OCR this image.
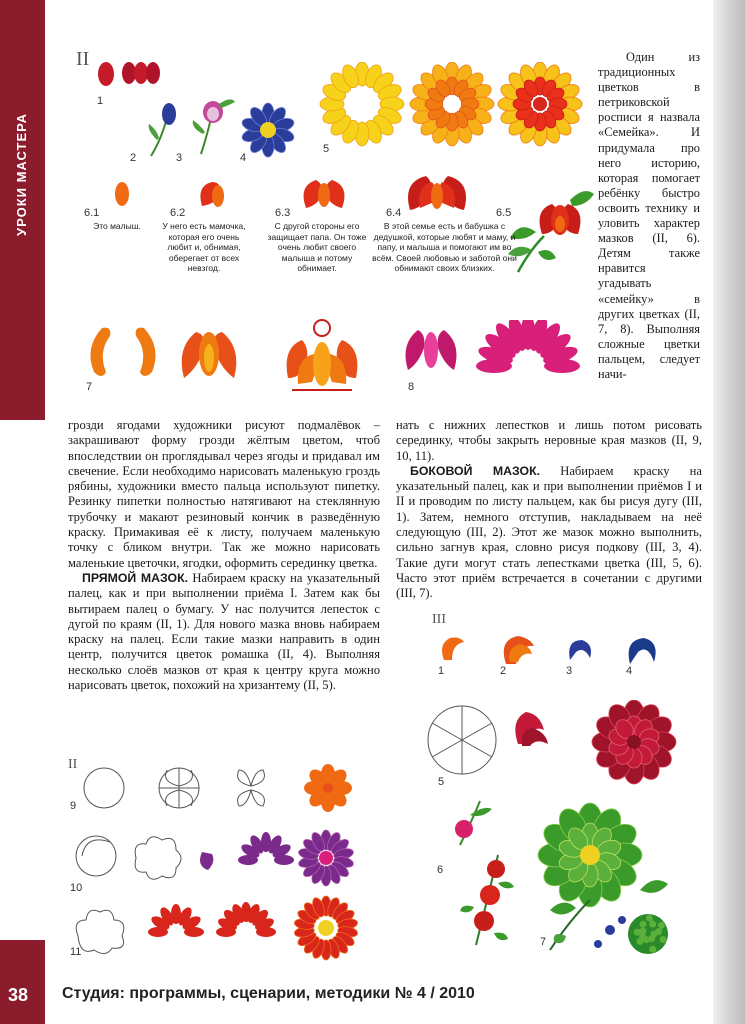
УРОКИ МАСТЕРА
38 Студия: программы, сценарии, методики № 4 / 2010
II
1
2	3	4
5
6.1	6.2	6.3	6.4	6.5
Это малыш.	У него есть мамочка, которая его очень любит и, обнимая, оберегает от всех невзгод.
С другой стороны его защищает папа. Он тоже очень любит своего малыша и потому обнимает.
В этой семье есть и бабушка с дедушкой, которые любят и маму, и папу, и малыша и помогают им во всём. Своей любовью и заботой они обнимают своих близких.
7	8

Один из традиционных цветков в петриковской росписи я назвала «Семейка». И придумала про него историю, которая помогает ребёнку быстро освоить технику и уловить характер мазков (II, 6). Детям также нравится угадывать «семейку» в других цветках (II, 7, 8). Выполняя сложные цветки пальцем, следует начи-

грозди ягодами художники рисуют подмалёвок – закрашивают форму грозди жёлтым цветом, чтоб впоследствии он проглядывал через ягоды и придавал им свечение. Если необходимо нарисовать маленькую гроздь рябины, художники вместо пальца используют пипетку. Резинку пипетки полностью натягивают на стеклянную трубочку и макают резиновый кончик в разведённую краску. Примакивая её к листу, получаем маленькую точку с бликом внутри. Так же можно нарисовать маленькие цветочки, ягодки, оформить серединку цветка.

ПРЯМОЙ МАЗОК. Набираем краску на указательный палец, как и при выполнении приёма I. Затем как бы вытираем палец о бумагу. У нас получится лепесток с дугой по краям (II, 1). Для нового мазка вновь набираем краску на палец. Если такие мазки направить в один центр, получится цветок ромашка (II, 4). Выполняя несколько слоёв мазков от края к центру круга можно нарисовать цветок, похожий на хризантему (II, 5).

нать с нижних лепестков и лишь потом рисовать серединку, чтобы закрыть неровные края мазков (II, 9, 10, 11).

БОКОВОЙ МАЗОК. Набираем краску на указательный палец, как и при выполнении приёмов I и II и проводим по листу пальцем, как бы рисуя дугу (III, 1). Затем, немного отступив, накладываем на неё следующую (III, 2). Этот же мазок можно выполнить, сильно загнув края, словно рисуя подкову (III, 3, 4). Такие дуги могут стать лепестками цветка (III, 5, 6). Часто этот приём встречается в сочетании с другими (III, 7).

II
9
10
11
III
1	2	3	4
5
6
7
